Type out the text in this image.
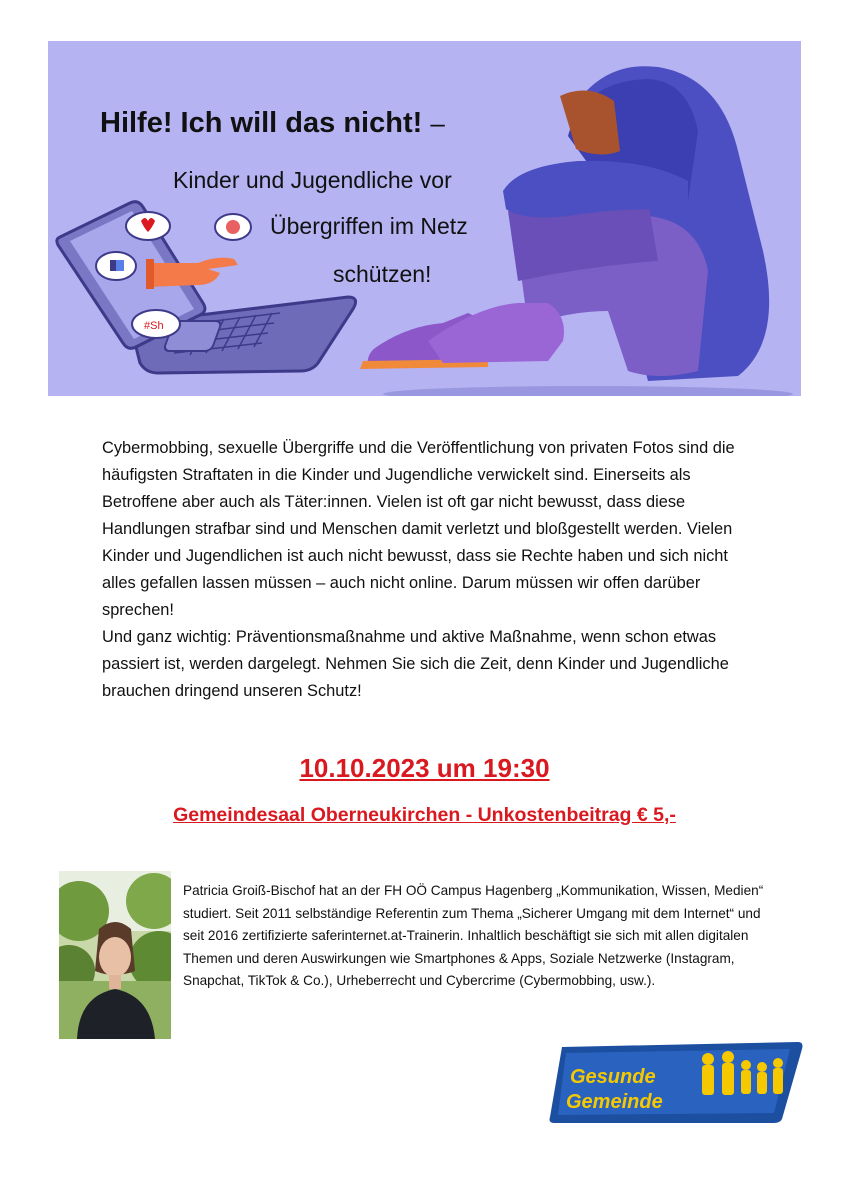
#Sh
Hilfe! Ich will das nicht! –
Kinder und Jugendliche vor
Übergriffen im Netz
schützen!

Cybermobbing, sexuelle Übergriffe und die Veröffentlichung von privaten Fotos sind die häufigsten Straftaten in die Kinder und Jugendliche verwickelt sind. Einerseits als Betroffene aber auch als Täter:innen. Vielen ist oft gar nicht bewusst, dass diese Handlungen strafbar sind und Menschen damit verletzt und bloßgestellt werden. Vielen Kinder und Jugendlichen ist auch nicht bewusst, dass sie Rechte haben und sich nicht alles gefallen lassen müssen – auch nicht online. Darum müssen wir offen darüber sprechen!

Und ganz wichtig: Präventionsmaßnahme und aktive Maßnahme, wenn schon etwas passiert ist, werden dargelegt. Nehmen Sie sich die Zeit, denn Kinder und Jugendliche brauchen dringend unseren Schutz!

10.10.2023 um 19:30
Gemeindesaal Oberneukirchen - Unkostenbeitrag € 5,-
Patricia Groiß-Bischof hat an der FH OÖ Campus Hagenberg „Kommunikation, Wissen, Medien“ studiert. Seit 2011 selbständige Referentin zum Thema „Sicherer Umgang mit dem Internet“ und seit 2016 zertifizierte saferinternet.at-Trainerin. Inhaltlich beschäftigt sie sich mit allen digitalen Themen und deren Auswirkungen wie Smartphones & Apps, Soziale Netzwerke (Instagram, Snapchat, TikTok & Co.), Urheberrecht und Cybercrime (Cybermobbing, usw.).
Gesunde
Gemeinde
